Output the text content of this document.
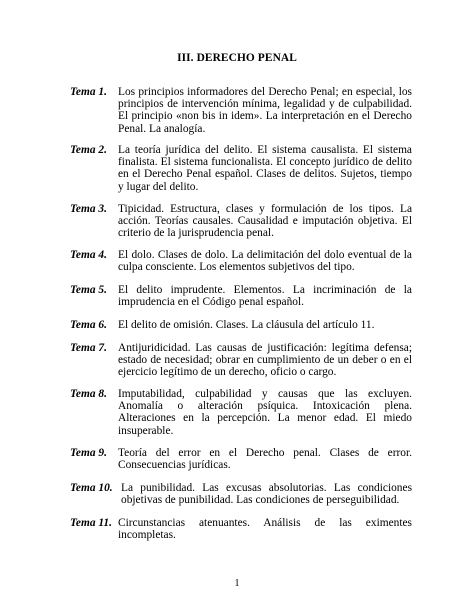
III. DERECHO PENAL
Tema 1. Los principios informadores del Derecho Penal; en especial, los principios de intervención mínima, legalidad y de culpabilidad. El principio «non bis in idem». La interpretación en el Derecho Penal. La analogía.
Tema 2. La teoría jurídica del delito. El sistema causalista. El sistema finalista. El sistema funcionalista. El concepto jurídico de delito en el Derecho Penal español. Clases de delitos. Sujetos, tiempo y lugar del delito.
Tema 3. Tipicidad. Estructura, clases y formulación de los tipos. La acción. Teorías causales. Causalidad e imputación objetiva. El criterio de la jurisprudencia penal.
Tema 4. El dolo. Clases de dolo. La delimitación del dolo eventual de la culpa consciente. Los elementos subjetivos del tipo.
Tema 5. El delito imprudente. Elementos. La incriminación de la imprudencia en el Código penal español.
Tema 6. El delito de omisión. Clases. La cláusula del artículo 11.
Tema 7. Antijuridicidad. Las causas de justificación: legítima defensa; estado de necesidad; obrar en cumplimiento de un deber o en el ejercicio legítimo de un derecho, oficio o cargo.
Tema 8. Imputabilidad, culpabilidad y causas que las excluyen. Anomalía o alteración psíquica. Intoxicación plena. Alteraciones en la percepción. La menor edad. El miedo insuperable.
Tema 9. Teoría del error en el Derecho penal. Clases de error. Consecuencias jurídicas.
Tema 10. La punibilidad. Las excusas absolutorias. Las condiciones objetivas de punibilidad. Las condiciones de perseguibilidad.
Tema 11. Circunstancias atenuantes. Análisis de las eximentes incompletas.
1
